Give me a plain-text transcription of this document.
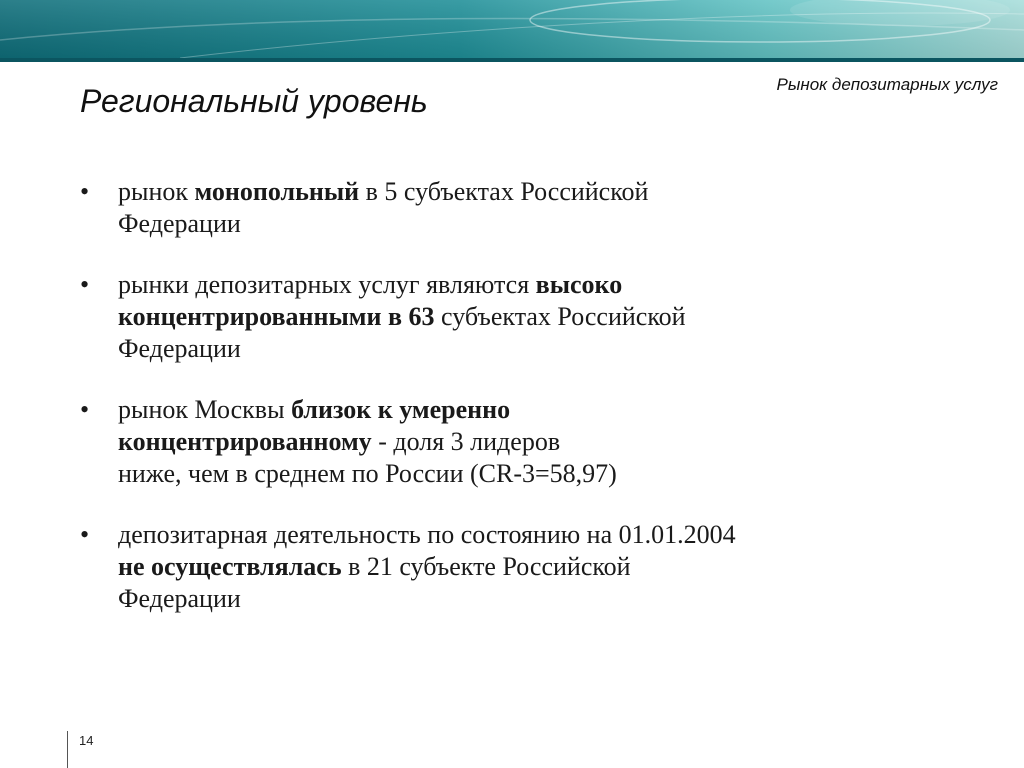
Рынок депозитарных услуг
Региональный уровень
• рынок монопольный в 5 субъектах Российской
Федерации
• рынки депозитарных услуг являются высоко
концентрированными в 63 субъектах Российской
Федерации
• рынок Москвы близок к умеренно
концентрированному - доля 3 лидеров
ниже, чем в среднем по России (CR-3=58,97)
• депозитарная деятельность по состоянию на 01.01.2004
не осуществлялась в 21 субъекте Российской
Федерации
14
